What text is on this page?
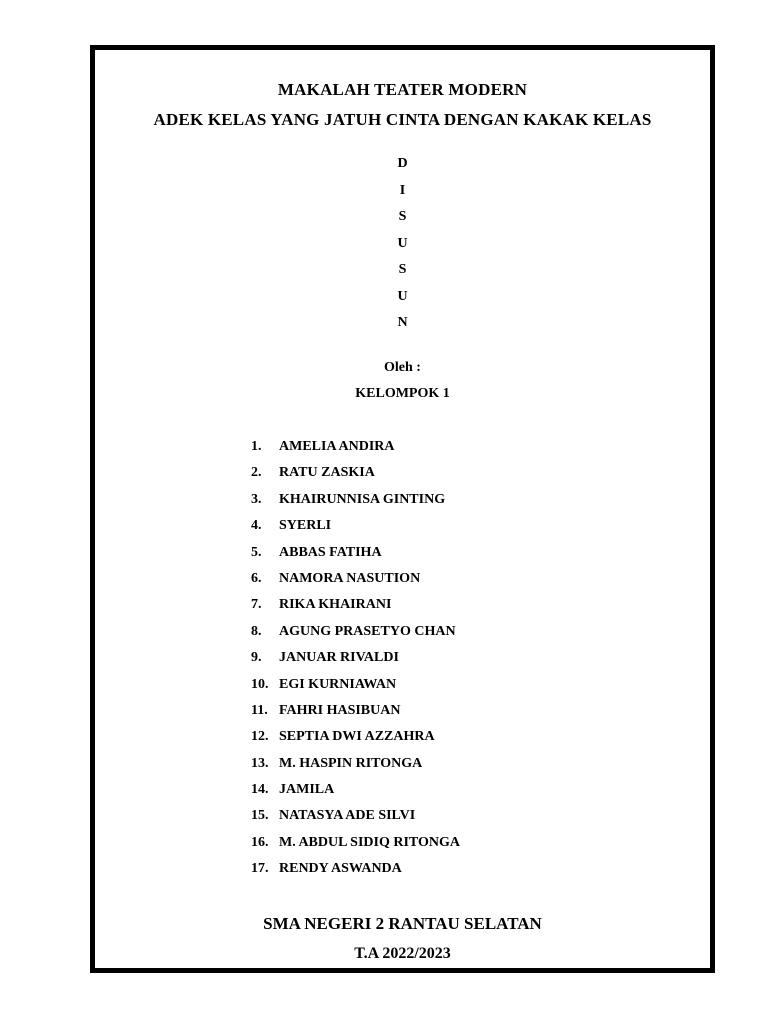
MAKALAH TEATER MODERN
ADEK KELAS YANG JATUH CINTA DENGAN KAKAK KELAS
D
I
S
U
S
U
N
Oleh :
KELOMPOK 1
1. AMELIA ANDIRA
2. RATU ZASKIA
3. KHAIRUNNISA GINTING
4. SYERLI
5. ABBAS FATIHA
6. NAMORA NASUTION
7. RIKA KHAIRANI
8. AGUNG PRASETYO CHAN
9. JANUAR RIVALDI
10. EGI KURNIAWAN
11. FAHRI HASIBUAN
12. SEPTIA DWI AZZAHRA
13. M. HASPIN RITONGA
14. JAMILA
15. NATASYA ADE SILVI
16. M. ABDUL SIDIQ RITONGA
17. RENDY ASWANDA
SMA NEGERI 2 RANTAU SELATAN
T.A 2022/2023
